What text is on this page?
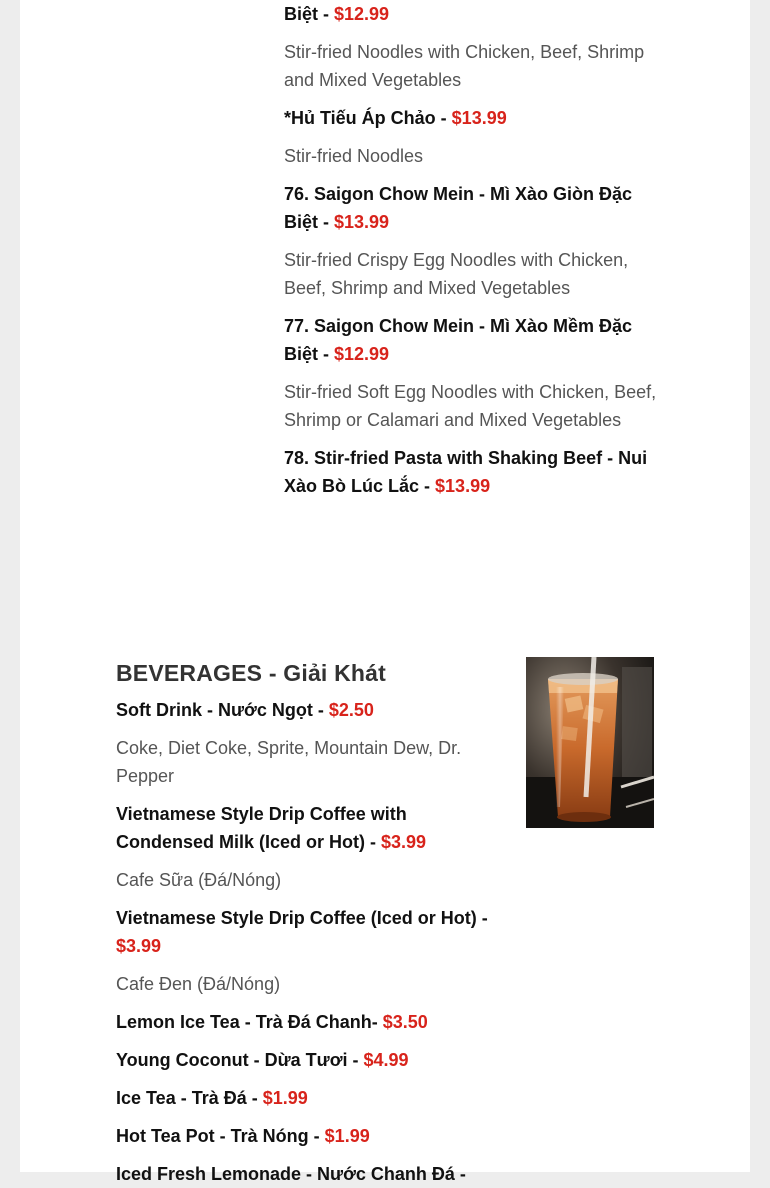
Biệt - $12.99

Stir-fried Noodles with Chicken, Beef, Shrimp and Mixed Vegetables

*Hủ Tiếu Áp Chảo - $13.99

Stir-fried Noodles

76. Saigon Chow Mein - Mì Xào Giòn Đặc Biệt - $13.99

Stir-fried Crispy Egg Noodles with Chicken, Beef, Shrimp and Mixed Vegetables

77. Saigon Chow Mein - Mì Xào Mềm Đặc Biệt - $12.99

Stir-fried Soft Egg Noodles with Chicken, Beef, Shrimp or Calamari and Mixed Vegetables

78. Stir-fried Pasta with Shaking Beef - Nui Xào Bò Lúc Lắc - $13.99

BEVERAGES - Giải Khát

Soft Drink - Nước Ngọt - $2.50

Coke, Diet Coke, Sprite, Mountain Dew, Dr. Pepper

Vietnamese Style Drip Coffee with Condensed Milk (Iced or Hot) - $3.99

Cafe Sữa (Đá/Nóng)

Vietnamese Style Drip Coffee (Iced or Hot) - $3.99

Cafe Đen (Đá/Nóng)

Lemon Ice Tea - Trà Đá Chanh- $3.50

Young Coconut - Dừa Tươi - $4.99

Ice Tea - Trà Đá - $1.99

Hot Tea Pot - Trà Nóng - $1.99

Iced Fresh Lemonade - Nước Chanh Đá -
